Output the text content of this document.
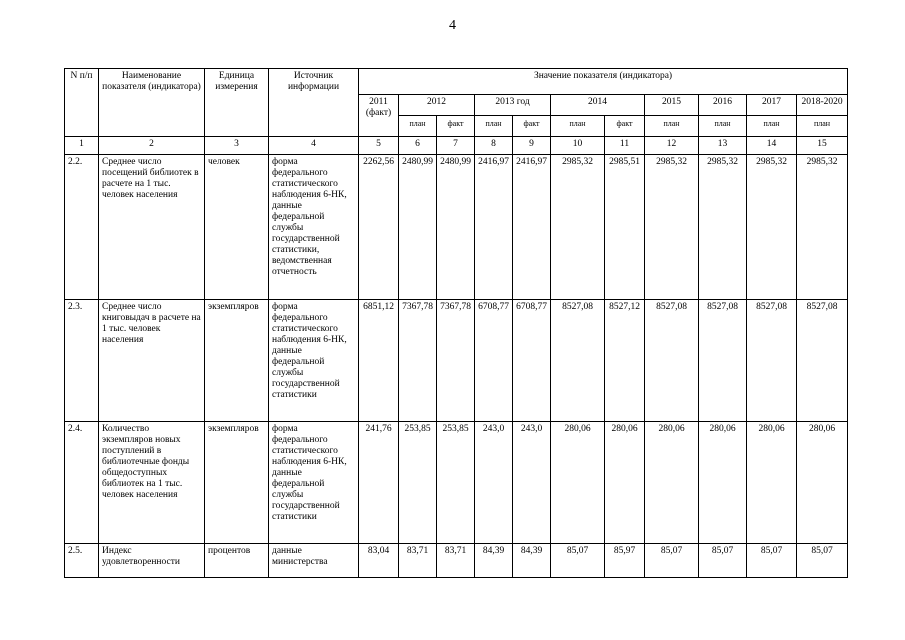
4
N п/п	Наименование показателя (индикатора)	Единица измерения	Источник информации	Значение показателя (индикатора)										
				2011 (факт)	2012		2013 год		2014		2015	2016	2017	2018-2020
					план	факт	план	факт	план	факт	план	план	план	план
1	2	3	4	5	6	7	8	9	10	11	12	13	14	15
2.2.	Среднее число посещений библиотек в расчете на 1 тыс. человек населения	человек	форма федерального статистического наблюдения 6-НК, данные федеральной службы государственной статистики, ведомственная отчетность	2262,56	2480,99	2480,99	2416,97	2416,97	2985,32	2985,51	2985,32	2985,32	2985,32	2985,32
2.3.	Среднее число книговыдач в расчете на 1 тыс. человек населения	экземпляров	форма федерального статистического наблюдения 6-НК, данные федеральной службы государственной статистики	6851,12	7367,78	7367,78	6708,77	6708,77	8527,08	8527,12	8527,08	8527,08	8527,08	8527,08
2.4.	Количество экземпляров новых поступлений в библиотечные фонды общедоступных библиотек на 1 тыс. человек населения	экземпляров	форма федерального статистического наблюдения 6-НК, данные федеральной службы государственной статистики	241,76	253,85	253,85	243,0	243,0	280,06	280,06	280,06	280,06	280,06	280,06
2.5.	Индекс удовлетворенности	процентов	данные министерства	83,04	83,71	83,71	84,39	84,39	85,07	85,97	85,07	85,07	85,07	85,07
